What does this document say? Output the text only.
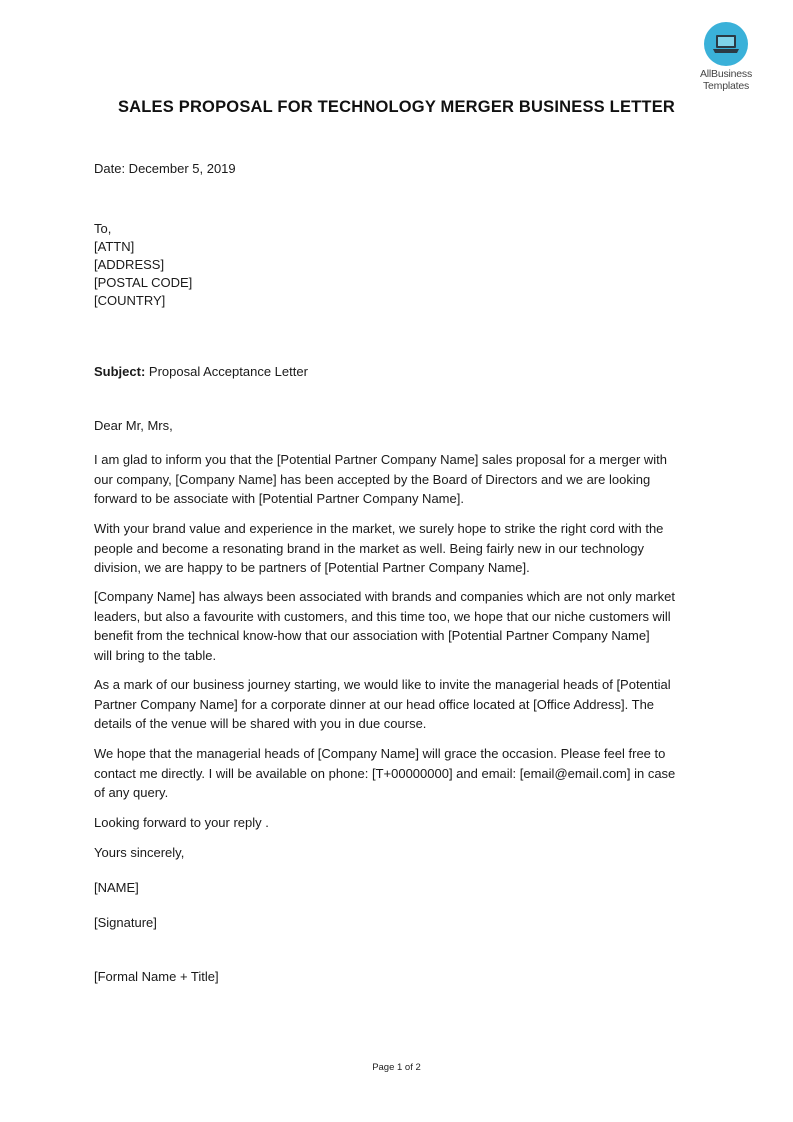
AllBusiness
Templates
SALES PROPOSAL FOR TECHNOLOGY MERGER BUSINESS LETTER
Date: December 5, 2019
To,
[ATTN]
[ADDRESS]
[POSTAL CODE]
[COUNTRY]
Subject: Proposal Acceptance Letter
Dear Mr, Mrs,
I am glad to inform you that the [Potential Partner Company Name] sales proposal for a merger with
our company, [Company Name] has been accepted by the Board of Directors and we are looking
forward to be associate with [Potential Partner Company Name].
With your brand value and experience in the market, we surely hope to strike the right cord with the
people and become a resonating brand in the market as well. Being fairly new in our technology
division, we are happy to be partners of [Potential Partner Company Name].
[Company Name] has always been associated with brands and companies which are not only market
leaders, but also a favourite with customers, and this time too, we hope that our niche customers will
benefit from the technical know-how that our association with [Potential Partner Company Name]
will bring to the table.
As a mark of our business journey starting, we would like to invite the managerial heads of [Potential
Partner Company Name] for a corporate dinner at our head office located at [Office Address]. The
details of the venue will be shared with you in due course.
We hope that the managerial heads of [Company Name] will grace the occasion. Please feel free to
contact me directly. I will be available on phone: [T+00000000] and email: [email@email.com] in case
of any query.
Looking forward to your reply .
Yours sincerely,
[NAME]
[Signature]
[Formal Name + Title]
Page 1 of 2
